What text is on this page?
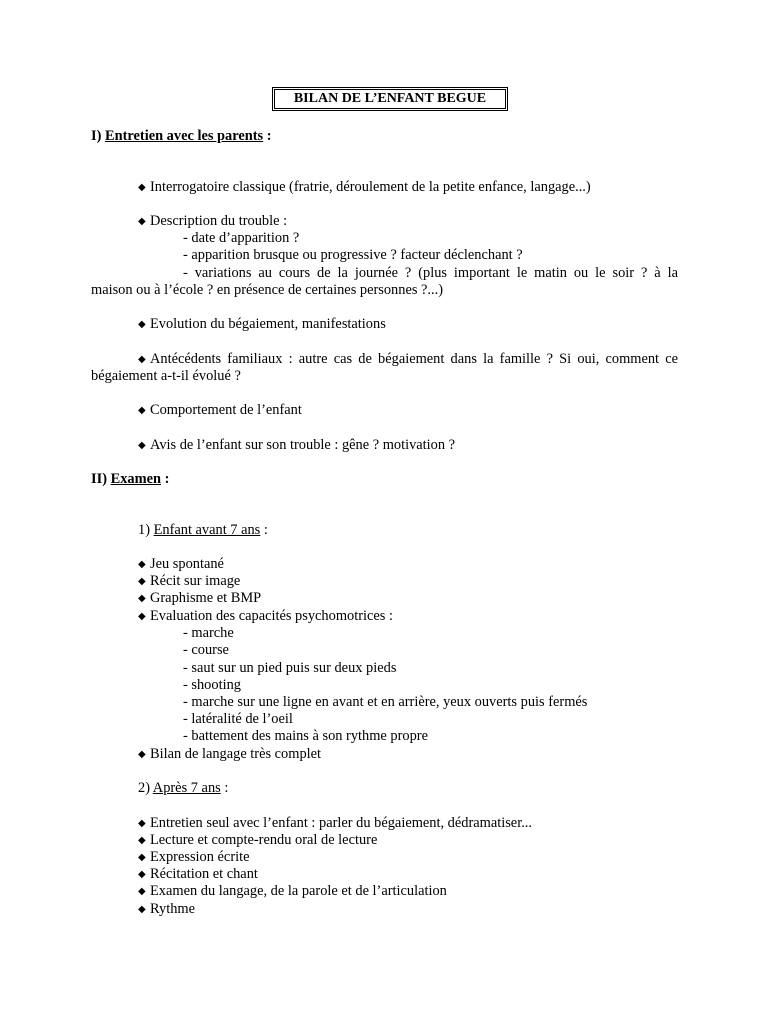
BILAN DE L’ENFANT BEGUE
I) Entretien avec les parents :
◆ Interrogatoire classique (fratrie, déroulement de la petite enfance, langage...)
◆ Description du trouble :
- date d’apparition ?
- apparition brusque ou progressive ? facteur déclenchant ?
- variations au cours de la journée ? (plus important le matin ou le soir ? à la
maison ou à l’école ? en présence de certaines personnes ?...)
◆ Evolution du bégaiement, manifestations
◆ Antécédents familiaux : autre cas de bégaiement dans la famille ? Si oui, comment ce
bégaiement a-t-il évolué ?
◆ Comportement de l’enfant
◆ Avis de l’enfant sur son trouble : gêne ? motivation ?
II) Examen :
1) Enfant avant 7 ans :
◆ Jeu spontané
◆ Récit sur image
◆ Graphisme et BMP
◆ Evaluation des capacités psychomotrices :
- marche
- course
- saut sur un pied puis sur deux pieds
- shooting
- marche sur une ligne en avant et en arrière, yeux ouverts puis fermés
- latéralité de l’oeil
- battement des mains à son rythme propre
◆ Bilan de langage très complet
2) Après 7 ans :
◆ Entretien seul avec l’enfant : parler du bégaiement, dédramatiser...
◆ Lecture et compte-rendu oral de lecture
◆ Expression écrite
◆ Récitation et chant
◆ Examen du langage, de la parole et de l’articulation
◆ Rythme
